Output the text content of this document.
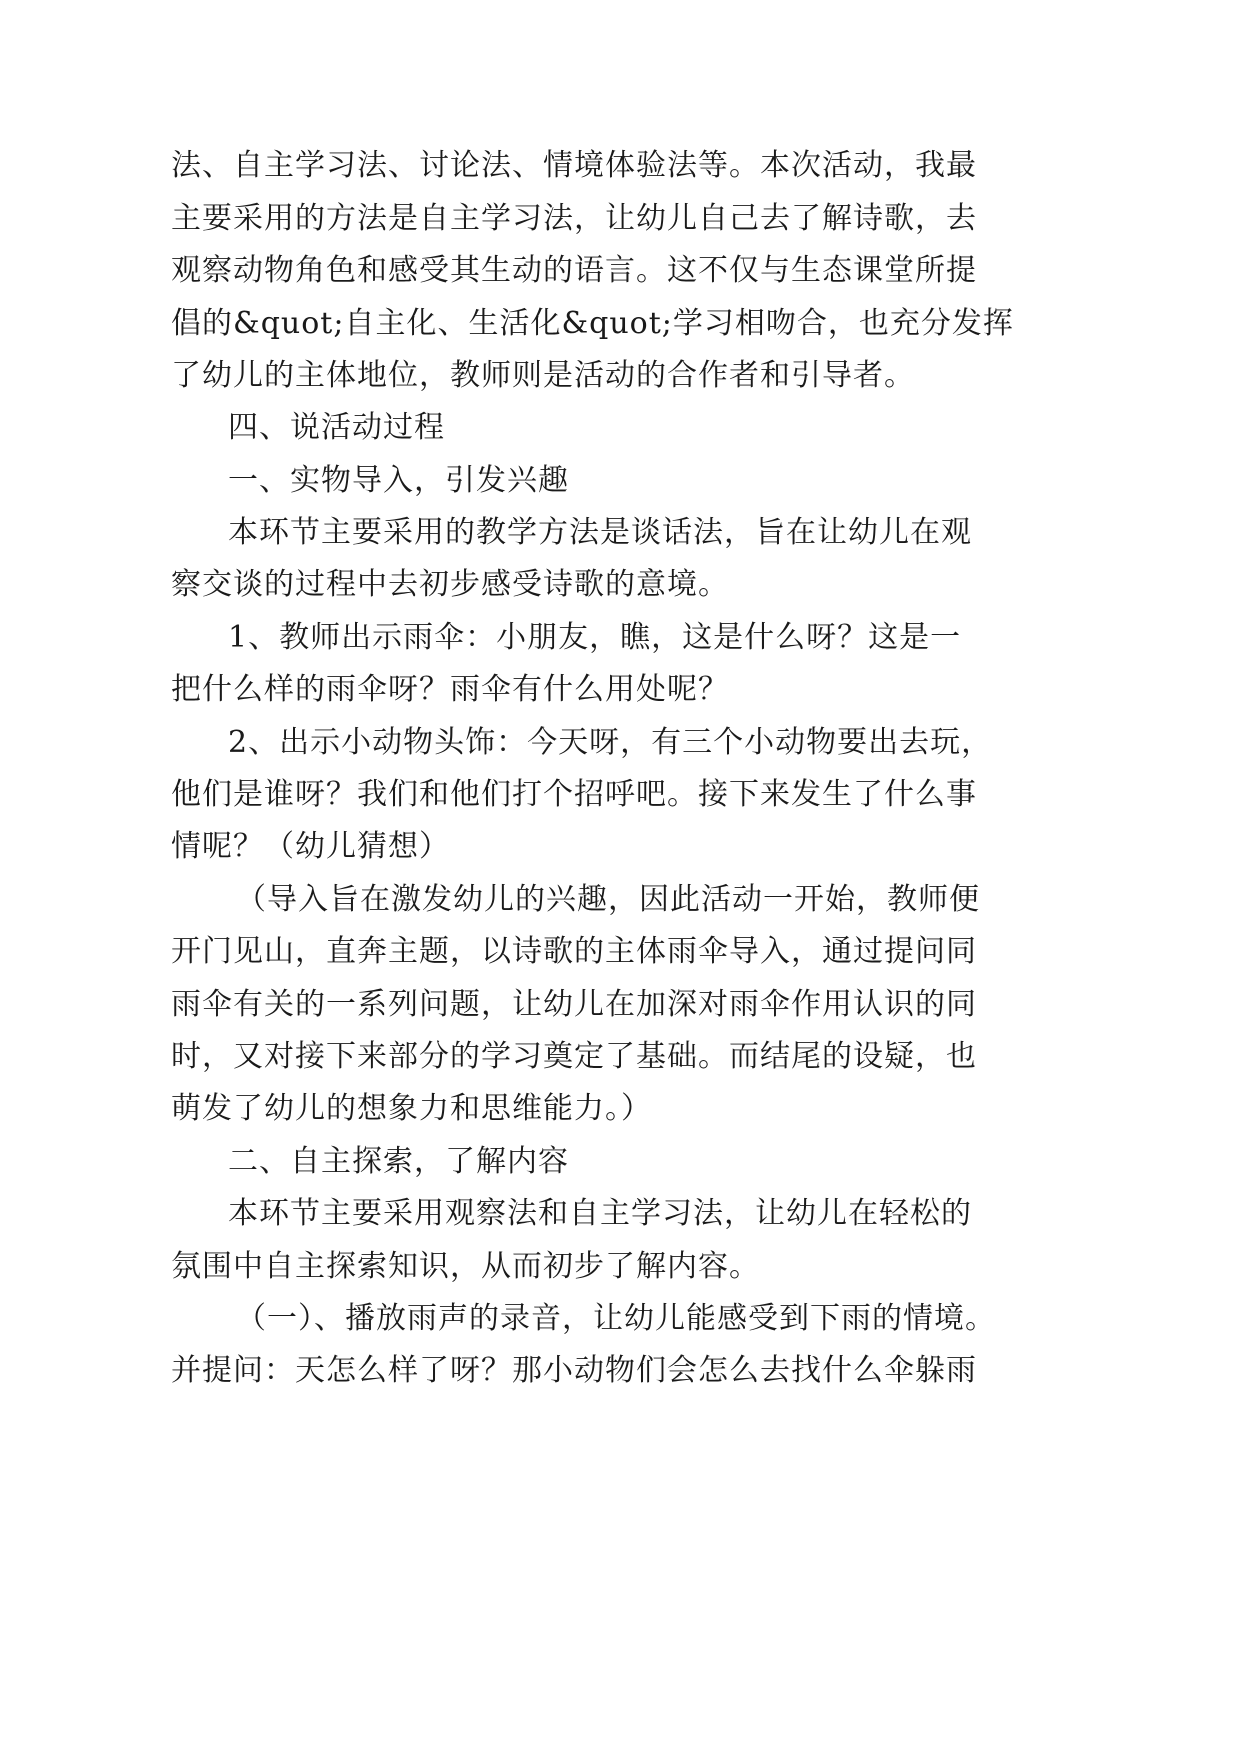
法、自主学习法、讨论法、情境体验法等。本次活动，我最
主要采用的方法是自主学习法，让幼儿自己去了解诗歌，去
观察动物角色和感受其生动的语言。这不仅与生态课堂所提
倡的&quot;自主化、生活化&quot;学习相吻合，也充分发挥
了幼儿的主体地位，教师则是活动的合作者和引导者。
四、说活动过程
一、实物导入，引发兴趣
本环节主要采用的教学方法是谈话法，旨在让幼儿在观
察交谈的过程中去初步感受诗歌的意境。
1、教师出示雨伞：小朋友，瞧，这是什么呀？这是一
把什么样的雨伞呀？雨伞有什么用处呢？
2、出示小动物头饰：今天呀，有三个小动物要出去玩，
他们是谁呀？我们和他们打个招呼吧。接下来发生了什么事
情呢？（幼儿猜想）
（导入旨在激发幼儿的兴趣，因此活动一开始，教师便
开门见山，直奔主题，以诗歌的主体雨伞导入，通过提问同
雨伞有关的一系列问题，让幼儿在加深对雨伞作用认识的同
时，又对接下来部分的学习奠定了基础。而结尾的设疑，也
萌发了幼儿的想象力和思维能力。）
二、自主探索，了解内容
本环节主要采用观察法和自主学习法，让幼儿在轻松的
氛围中自主探索知识，从而初步了解内容。
（一）、播放雨声的录音，让幼儿能感受到下雨的情境。
并提问：天怎么样了呀？那小动物们会怎么去找什么伞躲雨
